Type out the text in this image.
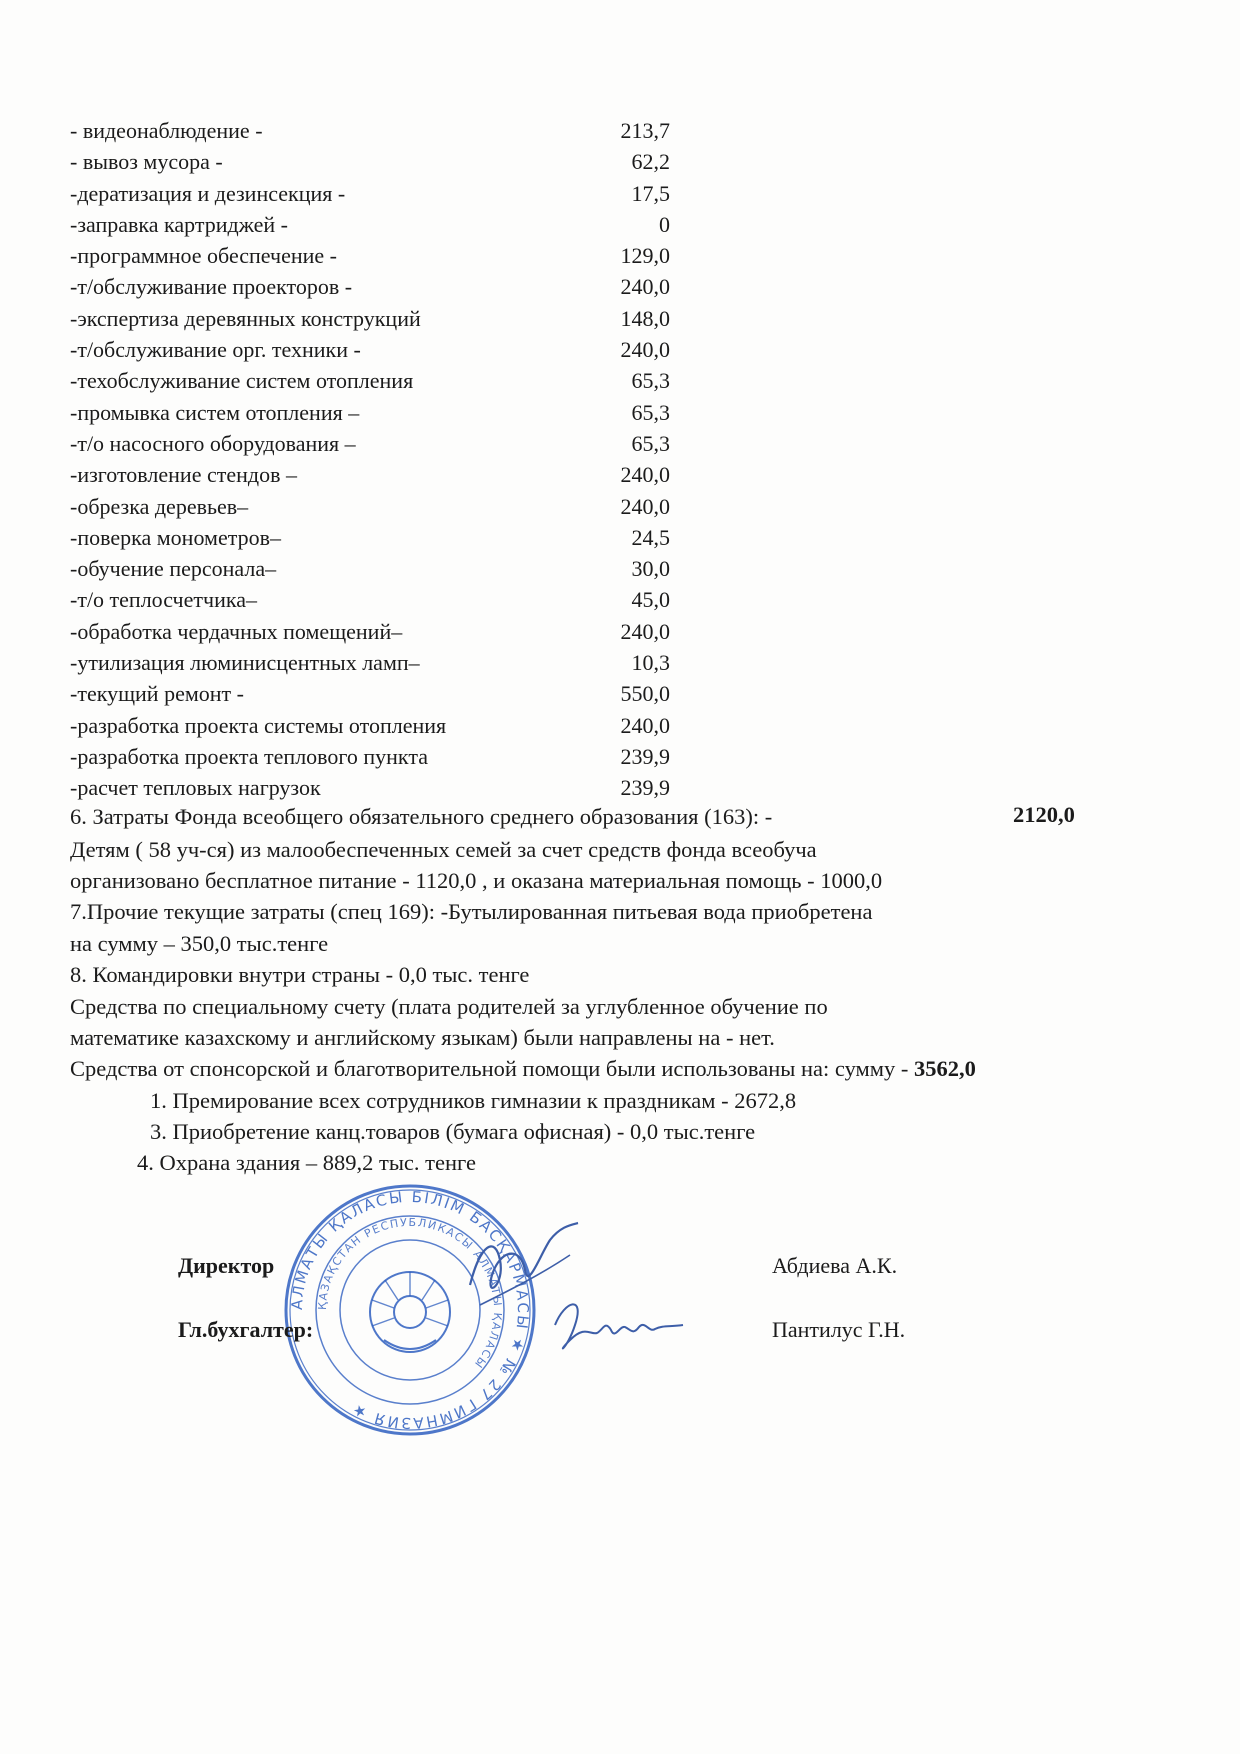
- видеонаблюдение -	213,7
- вывоз мусора -	62,2
-дератизация и дезинсекция -	17,5
-заправка картриджей -	0
-программное обеспечение -	129,0
-т/обслуживание проекторов -	240,0
-экспертиза деревянных конструкций	148,0
-т/обслуживание орг. техники -	240,0
-техобслуживание систем отопления	65,3
-промывка систем отопления –	65,3
-т/о насосного оборудования –	65,3
-изготовление стендов –	240,0
-обрезка деревьев–	240,0
-поверка монометров–	24,5
-обучение персонала–	30,0
-т/о теплосчетчика–	45,0
-обработка чердачных помещений–	240,0
-утилизация люминисцентных ламп–	10,3
-текущий ремонт -	550,0
-разработка проекта системы отопления	240,0
-разработка проекта теплового пункта	239,9
-расчет тепловых нагрузок	239,9
6. Затраты Фонда всеобщего обязательного среднего образования (163): -	2120,0
Детям ( 58 уч-ся) из малообеспеченных семей за счет средств фонда всеобуча
организовано бесплатное питание - 1120,0 , и оказана материальная помощь - 1000,0
7.Прочие текущие затраты (спец 169): -Бутылированная питьевая вода приобретена
на сумму – 350,0 тыс.тенге
8. Командировки внутри страны - 0,0 тыс. тенге
Средства по специальному счету (плата родителей за углубленное обучение по
математике казахскому и английскому языкам) были направлены на - нет.
Средства от спонсорской и благотворительной помощи были использованы на: сумму - 3562,0
1. Премирование всех сотрудников гимназии к праздникам - 2672,8
3. Приобретение канц.товаров (бумага офисная) - 0,0 тыс.тенге
4. Охрана здания – 889,2 тыс. тенге
АЛМАТЫ ҚАЛАСЫ БІЛІМ БАСҚАРМАСЫ ★ № 27 ГИМНАЗИЯ ★
ҚАЗАҚСТАН РЕСПУБЛИКАСЫ АЛМАТЫ ҚАЛАСЫ
Директор	Абдиева А.К.
Гл.бухгалтер:	Пантилус Г.Н.
